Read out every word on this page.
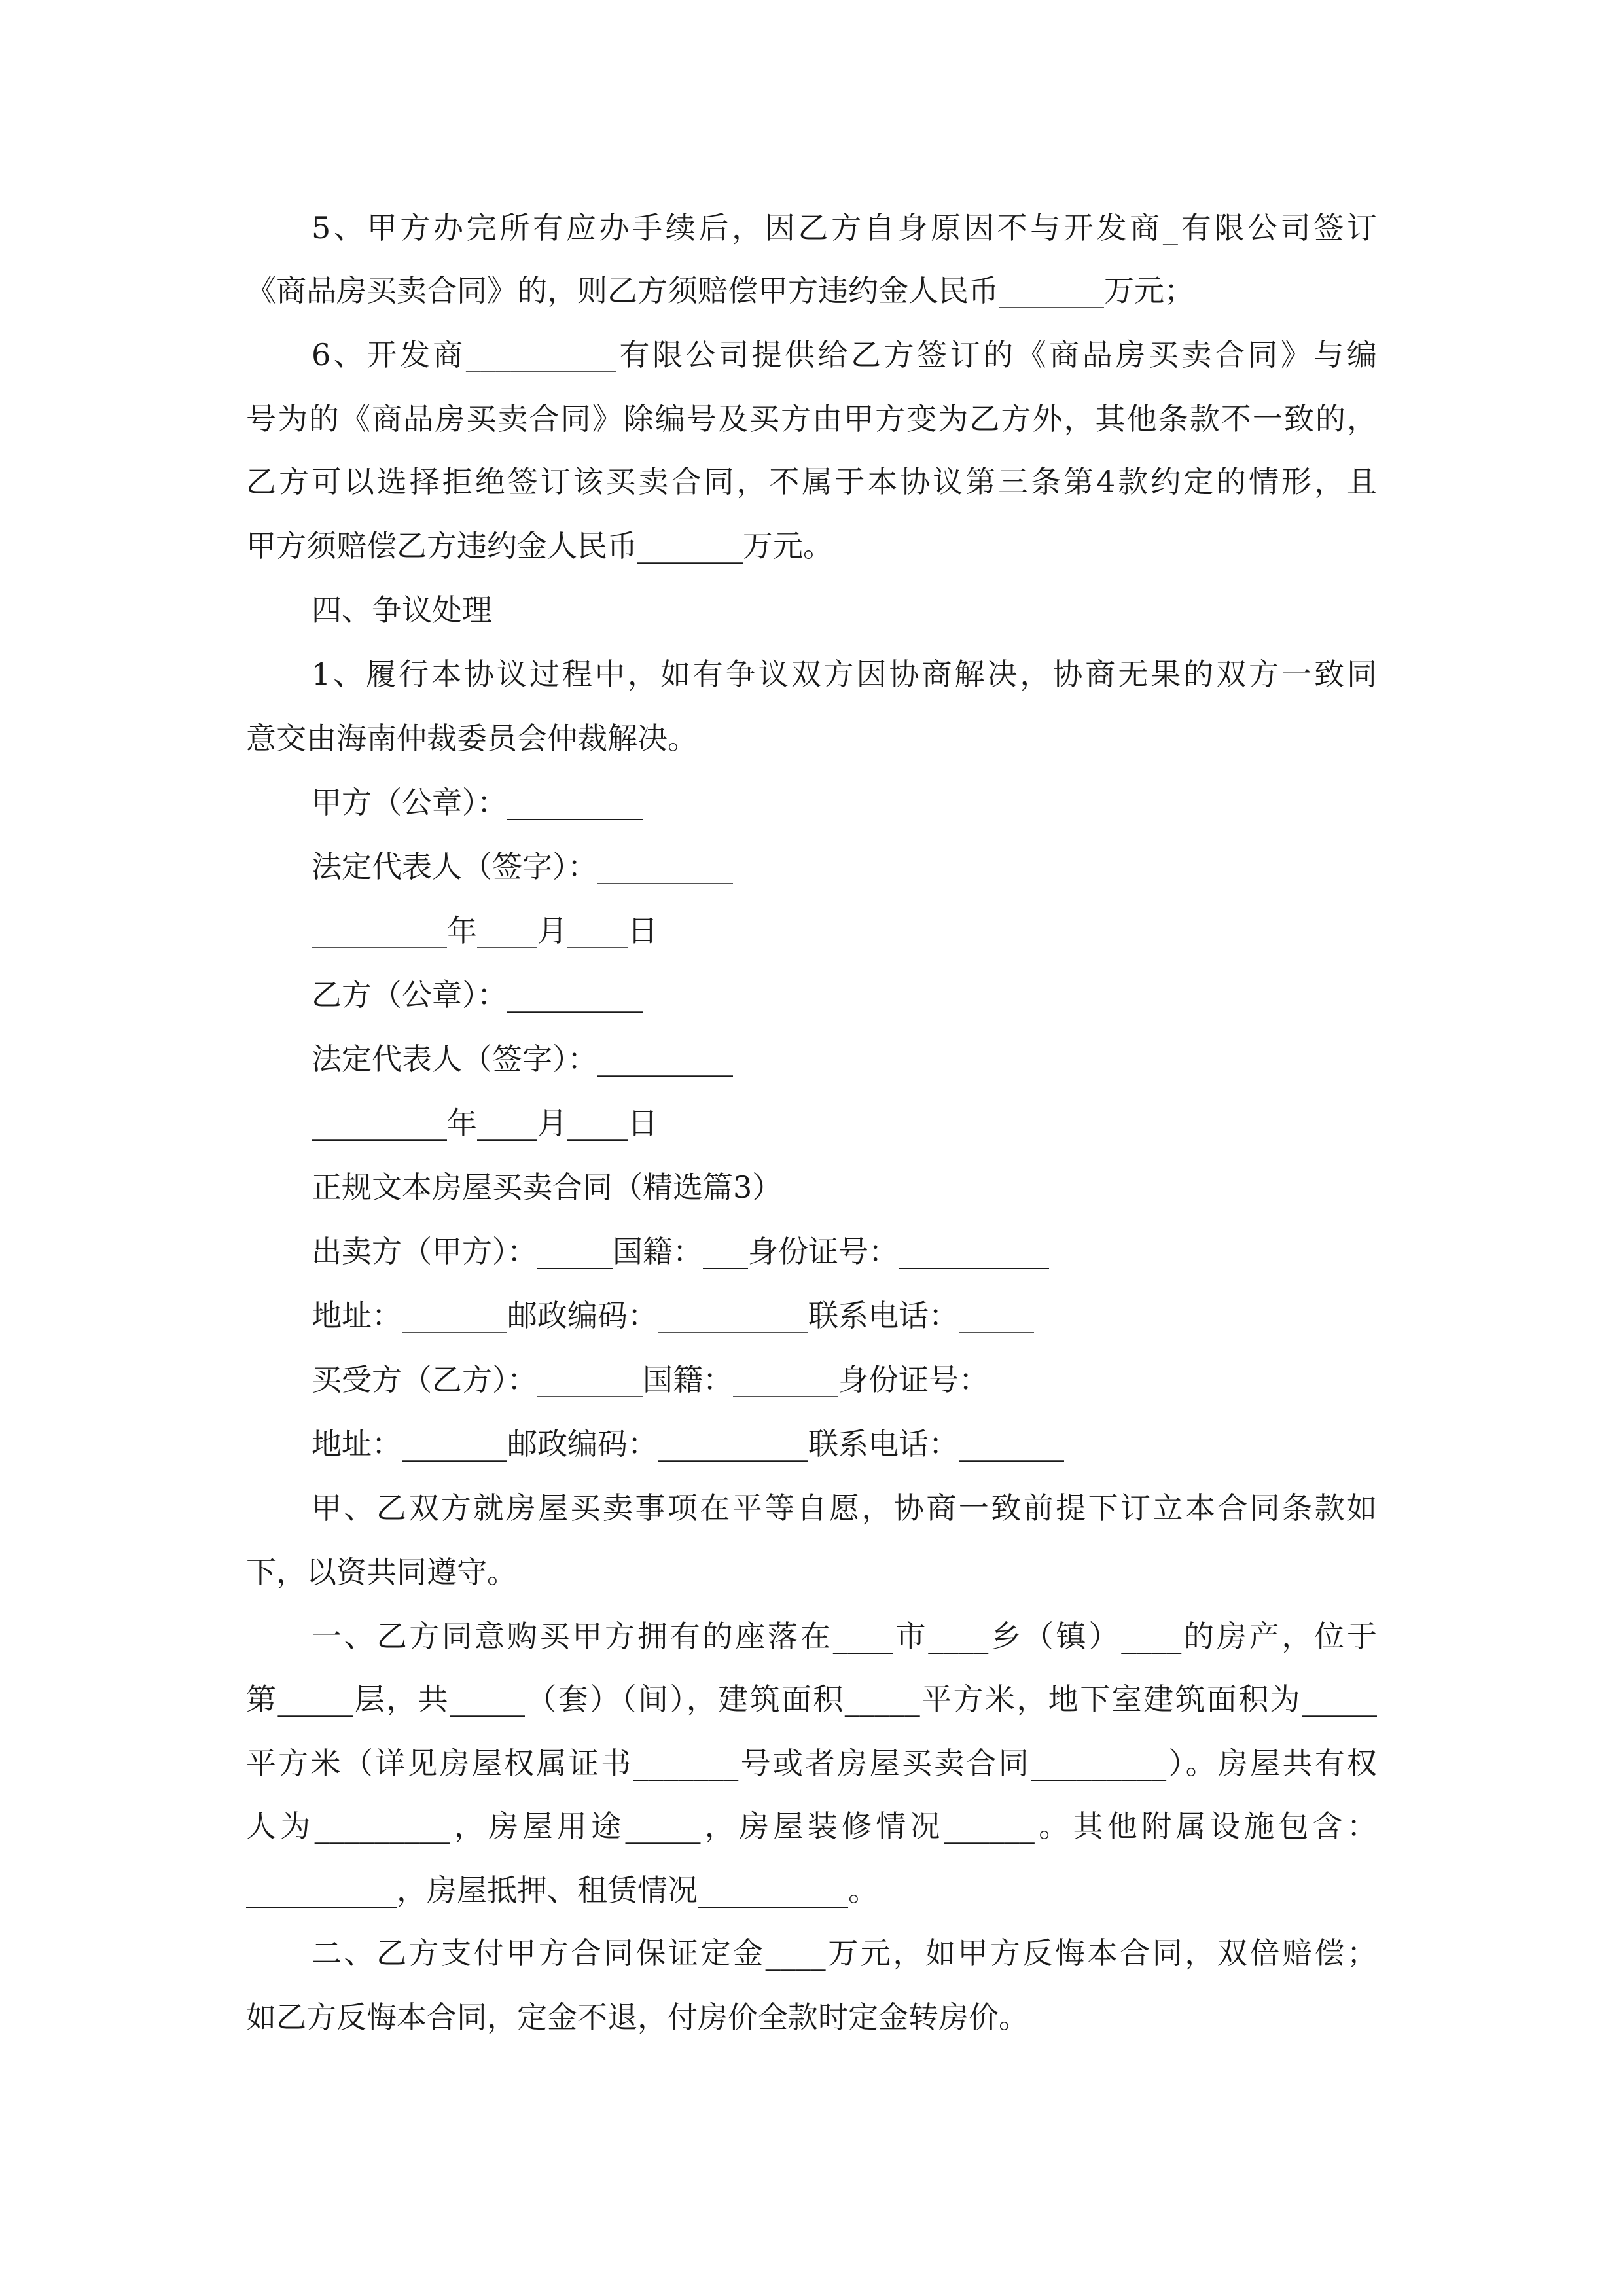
5、甲方办完所有应办手续后，因乙方自身原因不与开发商_有限公司签订
《商品房买卖合同》的，则乙方须赔偿甲方违约金人民币_______万元；
6、开发商__________有限公司提供给乙方签订的《商品房买卖合同》与编
号为的《商品房买卖合同》除编号及买方由甲方变为乙方外，其他条款不一致的，
乙方可以选择拒绝签订该买卖合同，不属于本协议第三条第4款约定的情形，且
甲方须赔偿乙方违约金人民币_______万元。
四、争议处理
1、履行本协议过程中，如有争议双方因协商解决，协商无果的双方一致同
意交由海南仲裁委员会仲裁解决。
甲方（公章）：_________
法定代表人（签字）：_________
_________年____月____日
乙方（公章）：_________
法定代表人（签字）：_________
_________年____月____日
正规文本房屋买卖合同（精选篇3）
出卖方（甲方）：_____国籍：___身份证号：__________
地址：_______邮政编码：__________联系电话：_____
买受方（乙方）：_______国籍：_______身份证号：
地址：_______邮政编码：__________联系电话：_______
甲、乙双方就房屋买卖事项在平等自愿，协商一致前提下订立本合同条款如
下，以资共同遵守。
一、乙方同意购买甲方拥有的座落在____市____乡（镇）____的房产，位于
第_____层，共_____（套）（间），建筑面积_____平方米，地下室建筑面积为_____
平方米（详见房屋权属证书_______号或者房屋买卖合同_________）。房屋共有权
人为_________，房屋用途_____，房屋装修情况______。其他附属设施包含：
__________，房屋抵押、租赁情况__________。
二、乙方支付甲方合同保证定金____万元，如甲方反悔本合同，双倍赔偿；
如乙方反悔本合同，定金不退，付房价全款时定金转房价。
